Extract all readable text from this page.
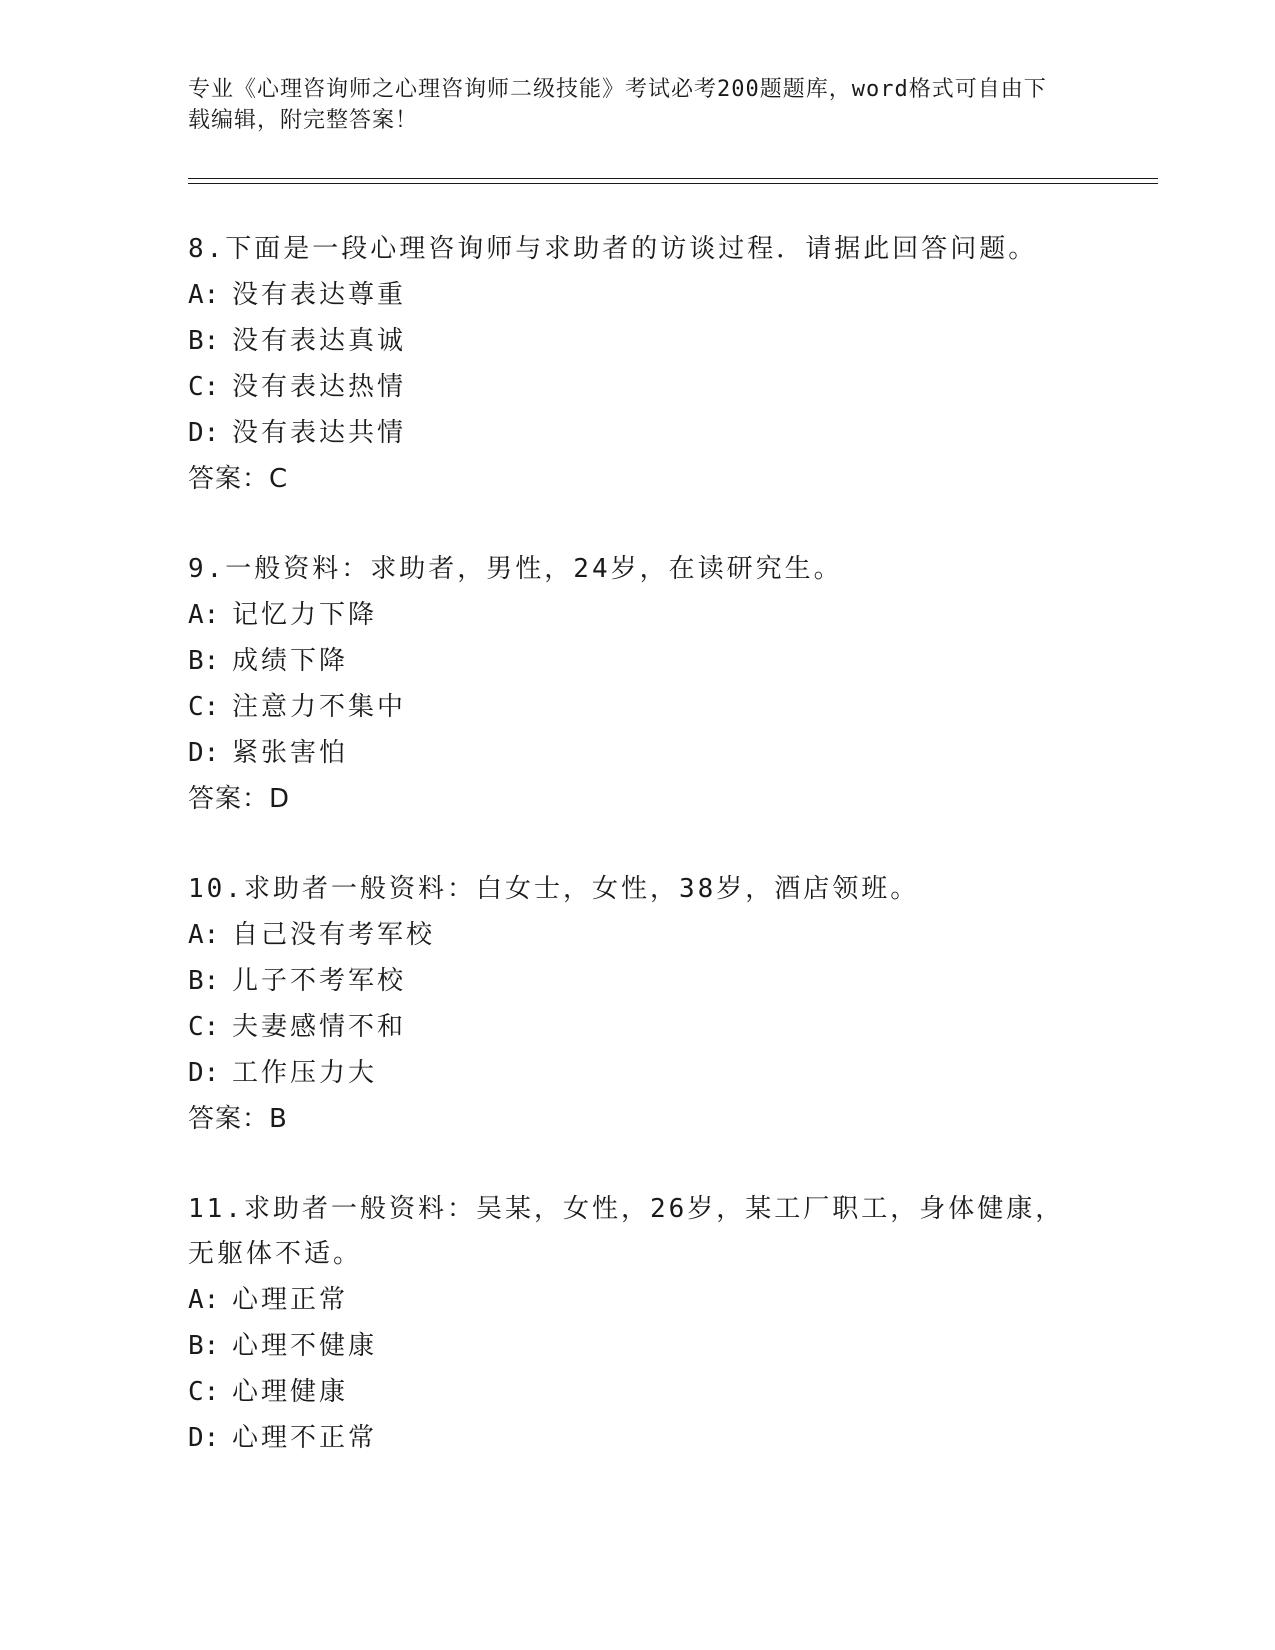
专业《心理咨询师之心理咨询师二级技能》考试必考200题题库，word格式可自由下载编辑，附完整答案！

8.下面是一段心理咨询师与求助者的访谈过程．请据此回答问题。

A: 没有表达尊重

B: 没有表达真诚

C: 没有表达热情

D: 没有表达共情

答案：C

9.一般资料：求助者，男性，24岁，在读研究生。

A: 记忆力下降

B: 成绩下降

C: 注意力不集中

D: 紧张害怕

答案：D

10.求助者一般资料：白女士，女性，38岁，酒店领班。

A: 自己没有考军校

B: 儿子不考军校

C: 夫妻感情不和

D: 工作压力大

答案：B

11.求助者一般资料：吴某，女性，26岁，某工厂职工，身体健康，无躯体不适。

A: 心理正常

B: 心理不健康

C: 心理健康

D: 心理不正常
